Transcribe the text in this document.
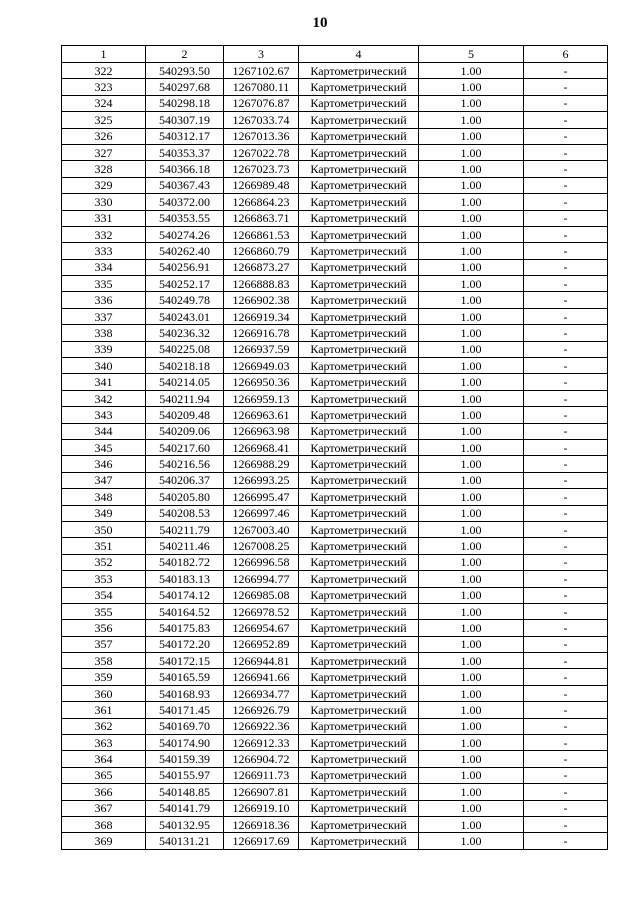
10
1	2	3	4	5	6
322	540293.50	1267102.67	Картометрический	1.00	-
323	540297.68	1267080.11	Картометрический	1.00	-
324	540298.18	1267076.87	Картометрический	1.00	-
325	540307.19	1267033.74	Картометрический	1.00	-
326	540312.17	1267013.36	Картометрический	1.00	-
327	540353.37	1267022.78	Картометрический	1.00	-
328	540366.18	1267023.73	Картометрический	1.00	-
329	540367.43	1266989.48	Картометрический	1.00	-
330	540372.00	1266864.23	Картометрический	1.00	-
331	540353.55	1266863.71	Картометрический	1.00	-
332	540274.26	1266861.53	Картометрический	1.00	-
333	540262.40	1266860.79	Картометрический	1.00	-
334	540256.91	1266873.27	Картометрический	1.00	-
335	540252.17	1266888.83	Картометрический	1.00	-
336	540249.78	1266902.38	Картометрический	1.00	-
337	540243.01	1266919.34	Картометрический	1.00	-
338	540236.32	1266916.78	Картометрический	1.00	-
339	540225.08	1266937.59	Картометрический	1.00	-
340	540218.18	1266949.03	Картометрический	1.00	-
341	540214.05	1266950.36	Картометрический	1.00	-
342	540211.94	1266959.13	Картометрический	1.00	-
343	540209.48	1266963.61	Картометрический	1.00	-
344	540209.06	1266963.98	Картометрический	1.00	-
345	540217.60	1266968.41	Картометрический	1.00	-
346	540216.56	1266988.29	Картометрический	1.00	-
347	540206.37	1266993.25	Картометрический	1.00	-
348	540205.80	1266995.47	Картометрический	1.00	-
349	540208.53	1266997.46	Картометрический	1.00	-
350	540211.79	1267003.40	Картометрический	1.00	-
351	540211.46	1267008.25	Картометрический	1.00	-
352	540182.72	1266996.58	Картометрический	1.00	-
353	540183.13	1266994.77	Картометрический	1.00	-
354	540174.12	1266985.08	Картометрический	1.00	-
355	540164.52	1266978.52	Картометрический	1.00	-
356	540175.83	1266954.67	Картометрический	1.00	-
357	540172.20	1266952.89	Картометрический	1.00	-
358	540172.15	1266944.81	Картометрический	1.00	-
359	540165.59	1266941.66	Картометрический	1.00	-
360	540168.93	1266934.77	Картометрический	1.00	-
361	540171.45	1266926.79	Картометрический	1.00	-
362	540169.70	1266922.36	Картометрический	1.00	-
363	540174.90	1266912.33	Картометрический	1.00	-
364	540159.39	1266904.72	Картометрический	1.00	-
365	540155.97	1266911.73	Картометрический	1.00	-
366	540148.85	1266907.81	Картометрический	1.00	-
367	540141.79	1266919.10	Картометрический	1.00	-
368	540132.95	1266918.36	Картометрический	1.00	-
369	540131.21	1266917.69	Картометрический	1.00	-
